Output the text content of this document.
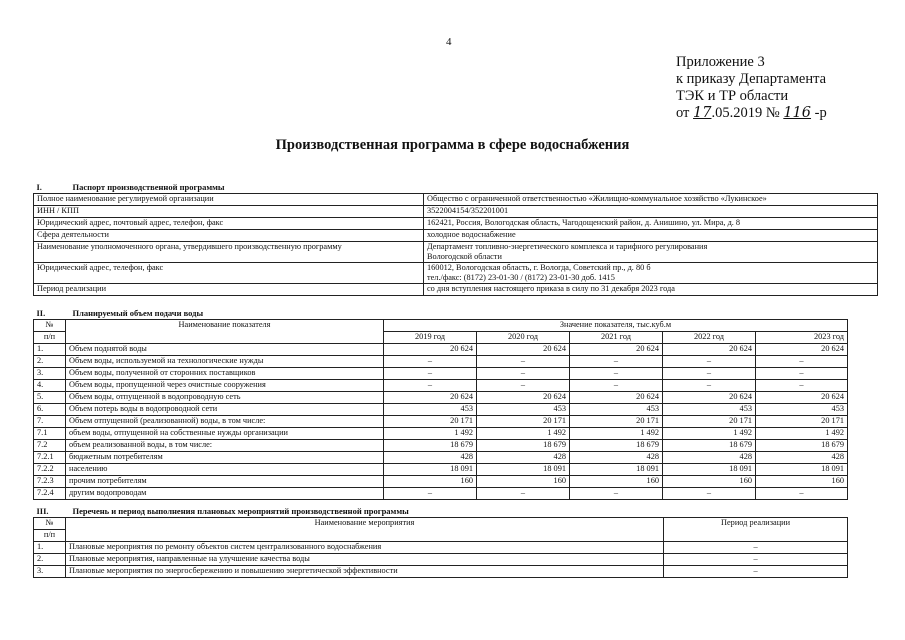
4
Приложение 3
к приказу Департамента
ТЭК и ТР области
от 17.05.2019 № 116 -р
Производственная программа в сфере водоснабжения
I. Паспорт производственной программы	
Полное наименование регулируемой организации	Общество с ограниченной ответственностью «Жилищно-коммунальное хозяйство «Лукинское»
ИНН / КПП	3522004154/352201001
Юридический адрес, почтовый адрес, телефон, факс	162421, Россия, Вологодская область, Чагодощенский район, д. Анишино, ул. Мира, д. 8
Сфера деятельности	холодное водоснабжение
Наименование уполномоченного органа, утвердившего производственную программу	Департамент топливно-энергетического комплекса и тарифного регулирования
Вологодской области

Юридический адрес, телефон, факс	160012, Вологодская область, г. Вологда, Советский пр., д. 80 б
тел./факс: (8172) 23-01-30 / (8172) 23-01-30 доб. 1415

Период реализации	со дня вступления настоящего приказа в силу по 31 декабря 2023 года
II. Планируемый объем подачи воды						
№	Наименование показателя	Значение показателя, тыс.куб.м				
п/п		2019 год	2020 год	2021 год	2022 год	2023 год
1.	Объем поднятой воды	20 624	20 624	20 624	20 624	20 624
2.	Объем воды, используемой на технологические нужды	–	–	–	–	–
3.	Объем воды, полученной от сторонних поставщиков	–	–	–	–	–
4.	Объем воды, пропущенной через очистные сооружения	–	–	–	–	–
5.	Объем воды, отпущенной в водопроводную сеть	20 624	20 624	20 624	20 624	20 624
6.	Объем потерь воды в водопроводной сети	453	453	453	453	453
7.	Объем отпущенной (реализованной) воды, в том числе:	20 171	20 171	20 171	20 171	20 171
7.1	объем воды, отпущенной на собственные нужды организации	1 492	1 492	1 492	1 492	1 492
7.2	объем реализованной воды, в том числе:	18 679	18 679	18 679	18 679	18 679
7.2.1	бюджетным потребителям	428	428	428	428	428
7.2.2	населению	18 091	18 091	18 091	18 091	18 091
7.2.3	прочим потребителям	160	160	160	160	160
7.2.4	другим водопроводам	–	–	–	–	–
III. Перечень и период выполнения плановых мероприятий производственной программы		
№	Наименование мероприятия	Период реализации
п/п		
1.	Плановые мероприятия по ремонту объектов систем централизованного водоснабжения	–
2.	Плановые мероприятия, направленные на улучшение качества воды	–
3.	Плановые мероприятия по энергосбережению и повышению энергетической эффективности	–
